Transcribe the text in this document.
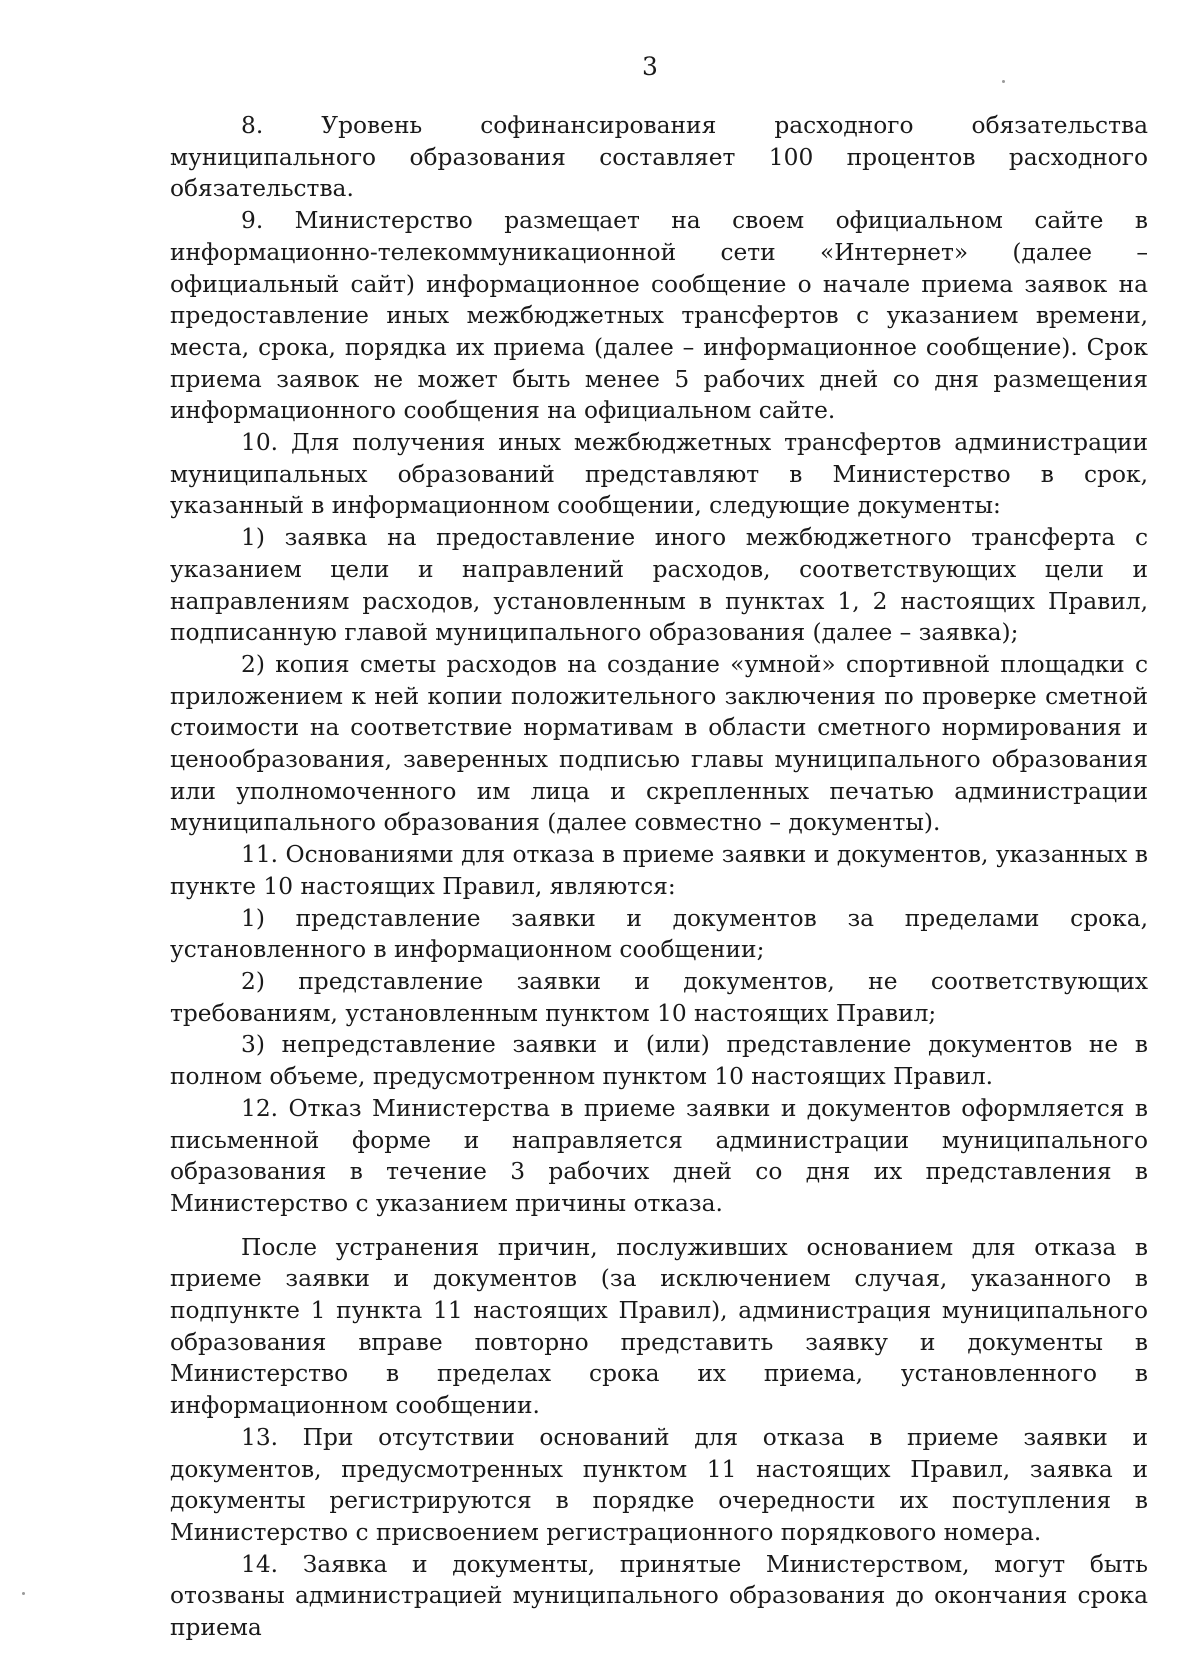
3

8. Уровень софинансирования расходного обязательства муниципального образования составляет 100 процентов расходного обязательства.

9. Министерство размещает на своем официальном сайте в информационно-телекоммуникационной сети «Интернет» (далее – официальный сайт) информационное сообщение о начале приема заявок на предоставление иных межбюджетных трансфертов с указанием времени, места, срока, порядка их приема (далее – информационное сообщение). Срок приема заявок не может быть менее 5 рабочих дней со дня размещения информационного сообщения на официальном сайте.

10. Для получения иных межбюджетных трансфертов администрации муниципальных образований представляют в Министерство в срок, указанный в информационном сообщении, следующие документы:

1) заявка на предоставление иного межбюджетного трансферта с указанием цели и направлений расходов, соответствующих цели и направлениям расходов, установленным в пунктах 1, 2 настоящих Правил, подписанную главой муниципального образования (далее – заявка);

2) копия сметы расходов на создание «умной» спортивной площадки с приложением к ней копии положительного заключения по проверке сметной стоимости на соответствие нормативам в области сметного нормирования и ценообразования, заверенных подписью главы муниципального образования или уполномоченного им лица и скрепленных печатью администрации муниципального образования (далее совместно – документы).

11. Основаниями для отказа в приеме заявки и документов, указанных в пункте 10 настоящих Правил, являются:

1) представление заявки и документов за пределами срока, установленного в информационном сообщении;

2) представление заявки и документов, не соответствующих требованиям, установленным пунктом 10 настоящих Правил;

3) непредставление заявки и (или) представление документов не в полном объеме, предусмотренном пунктом 10 настоящих Правил.

12. Отказ Министерства в приеме заявки и документов оформляется в письменной форме и направляется администрации муниципального образования в течение 3 рабочих дней со дня их представления в Министерство с указанием причины отказа.

После устранения причин, послуживших основанием для отказа в приеме заявки и документов (за исключением случая, указанного в подпункте 1 пункта 11 настоящих Правил), администрация муниципального образования вправе повторно представить заявку и документы в Министерство в пределах срока их приема, установленного в информационном сообщении.

13. При отсутствии оснований для отказа в приеме заявки и документов, предусмотренных пунктом 11 настоящих Правил, заявка и документы регистрируются в порядке очередности их поступления в Министерство с присвоением регистрационного порядкового номера.

14. Заявка и документы, принятые Министерством, могут быть отозваны администрацией муниципального образования до окончания срока приема
